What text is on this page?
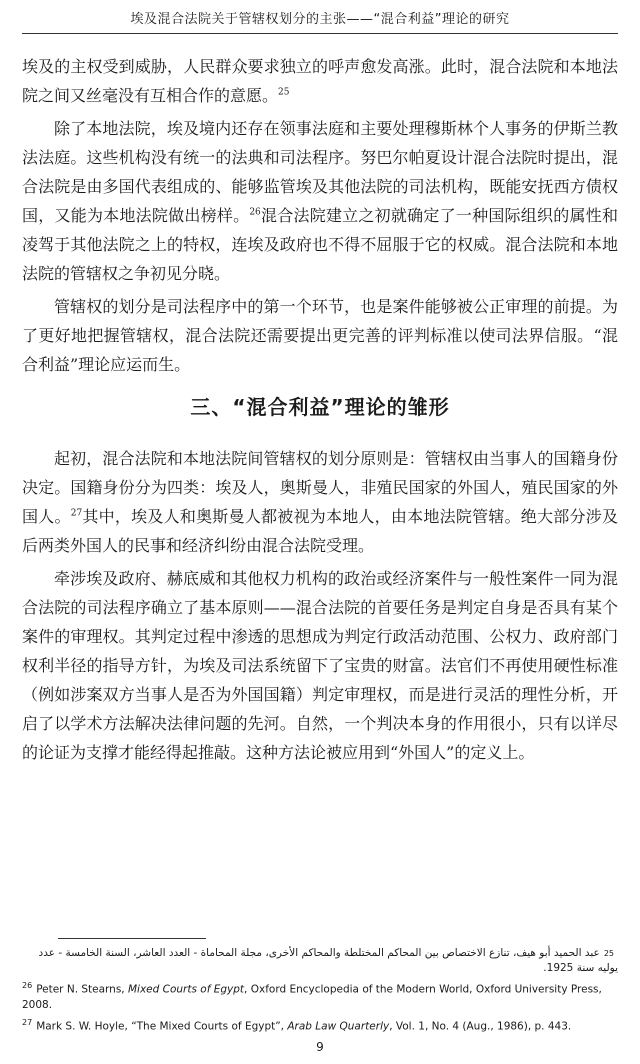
埃及混合法院关于管辖权划分的主张——“混合利益”理论的研究

埃及的主权受到威胁，人民群众要求独立的呼声愈发高涨。此时，混合法院和本地法院之间又丝毫没有互相合作的意愿。$^{25}$

除了本地法院，埃及境内还存在领事法庭和主要处理穆斯林个人事务的伊斯兰教法法庭。这些机构没有统一的法典和司法程序。努巴尔帕夏设计混合法院时提出，混合法院是由多国代表组成的、能够监管埃及其他法院的司法机构，既能安抚西方债权国，又能为本地法院做出榜样。$^{26}$混合法院建立之初就确定了一种国际组织的属性和凌驾于其他法院之上的特权，连埃及政府也不得不屈服于它的权威。混合法院和本地法院的管辖权之争初见分晓。

管辖权的划分是司法程序中的第一个环节，也是案件能够被公正审理的前提。为了更好地把握管辖权，混合法院还需要提出更完善的评判标准以使司法界信服。“混合利益”理论应运而生。

三、“混合利益”理论的雏形

起初，混合法院和本地法院间管辖权的划分原则是：管辖权由当事人的国籍身份决定。国籍身份分为四类：埃及人，奥斯曼人，非殖民国家的外国人，殖民国家的外国人。$^{27}$其中，埃及人和奥斯曼人都被视为本地人，由本地法院管辖。绝大部分涉及后两类外国人的民事和经济纠纷由混合法院受理。

牵涉埃及政府、赫底威和其他权力机构的政治或经济案件与一般性案件一同为混合法院的司法程序确立了基本原则——混合法院的首要任务是判定自身是否具有某个案件的审理权。其判定过程中渗透的思想成为判定行政活动范围、公权力、政府部门权利半径的指导方针，为埃及司法系统留下了宝贵的财富。法官们不再使用硬性标准（例如涉案双方当事人是否为外国国籍）判定审理权，而是进行灵活的理性分析，开启了以学术方法解决法律问题的先河。自然，一个判决本身的作用很小，只有以详尽的论证为支撑才能经得起推敲。这种方法论被应用到“外国人”的定义上。

25
عبد الحميد أبو هيف، تنازع الاختصاص بين المحاكم المختلطة والمحاكم الأخرى، مجلة المحاماة - العدد العاشر، السنة الخامسة - عدد يوليه سنة 1925.
$^{26}$ Peter N. Stearns, Mixed Courts of Egypt, Oxford Encyclopedia of the Modern World, Oxford University Press, 2008.
$^{27}$ Mark S. W. Hoyle, “The Mixed Courts of Egypt”, Arab Law Quarterly, Vol. 1, No. 4 (Aug., 1986), p. 443.
9
